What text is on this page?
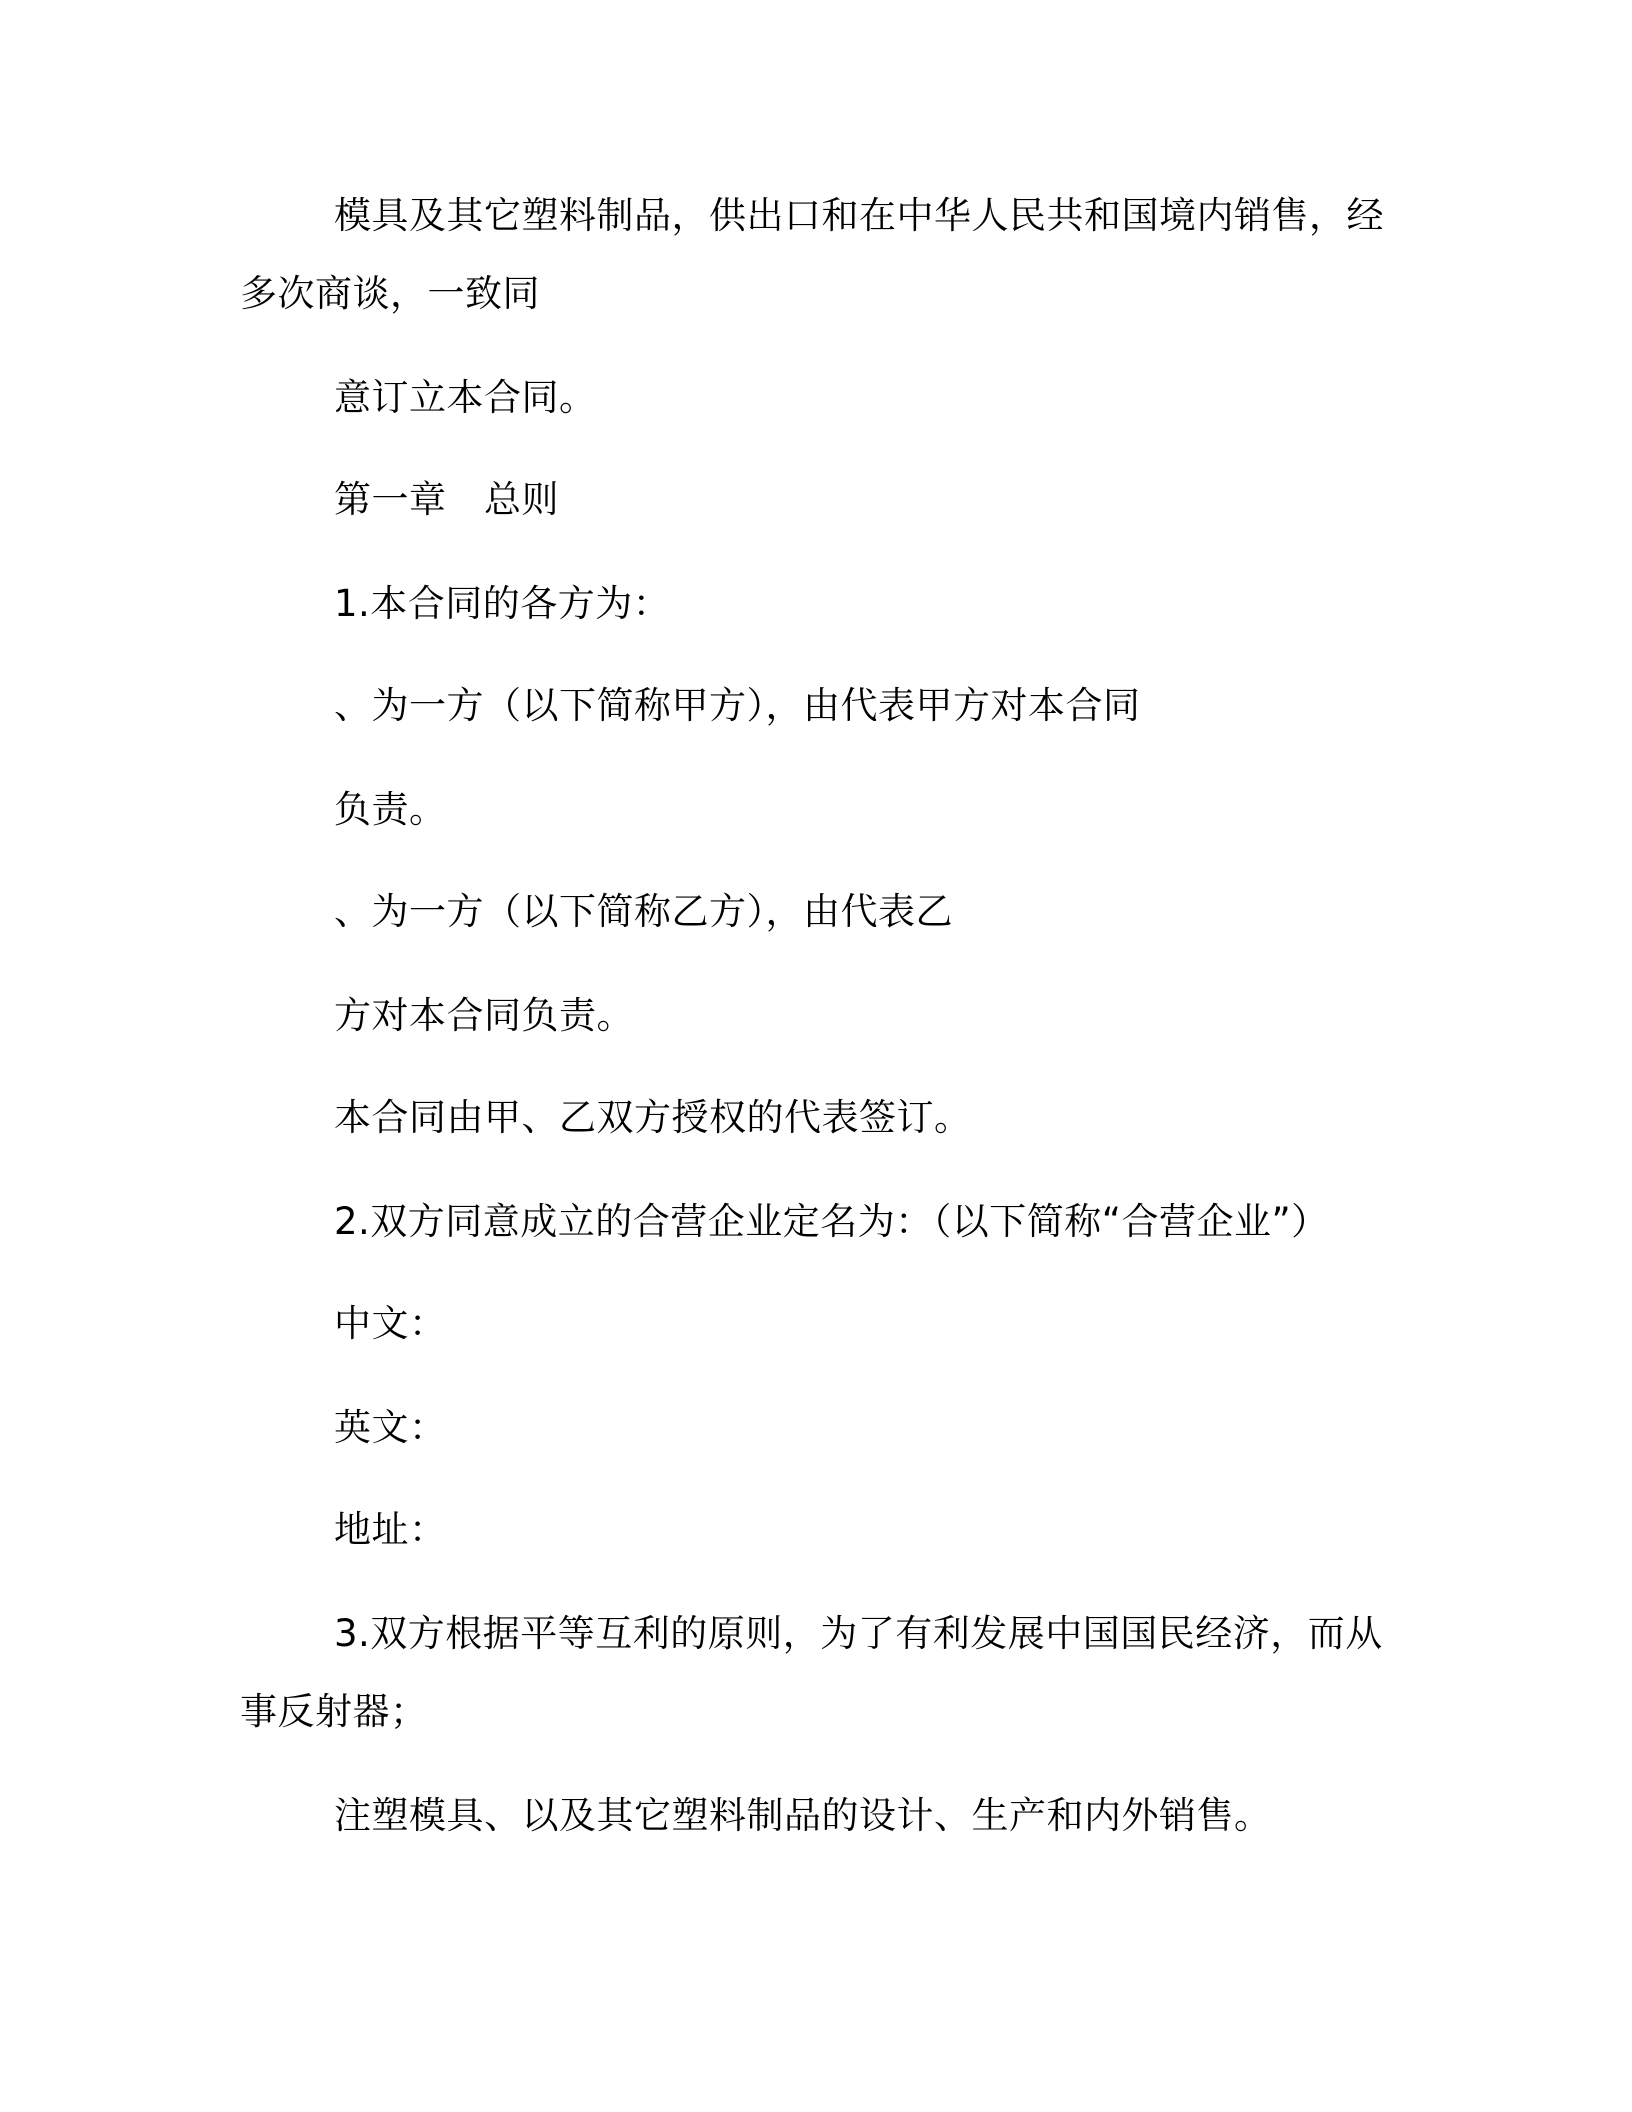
模具及其它塑料制品，供出口和在中华人民共和国境内销售，经

多次商谈，一致同

意订立本合同。

第一章　总则

1.本合同的各方为：

、为一方（以下简称甲方），由代表甲方对本合同

负责。

、为一方（以下简称乙方），由代表乙

方对本合同负责。

本合同由甲、乙双方授权的代表签订。

2.双方同意成立的合营企业定名为：（以下简称“合营企业”）

中文：

英文：

地址：

3.双方根据平等互利的原则，为了有利发展中国国民经济，而从

事反射器；

注塑模具、以及其它塑料制品的设计、生产和内外销售。
